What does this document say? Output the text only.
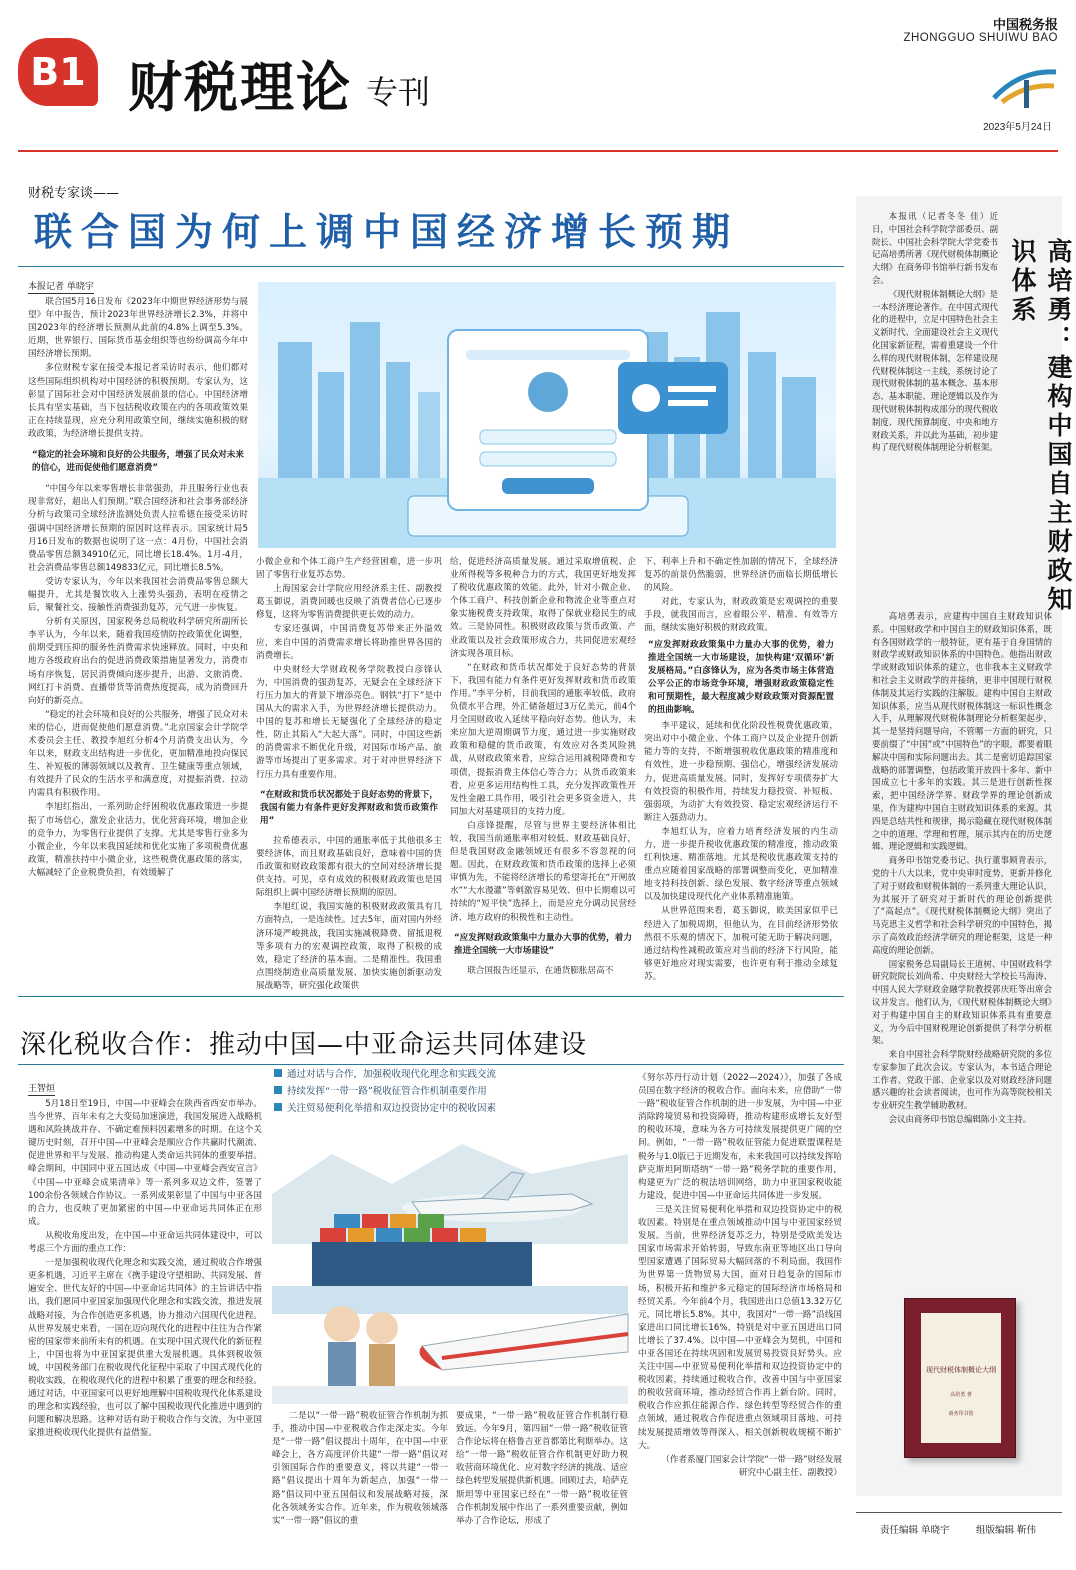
B1 财税理论 专刊
中国税务报
ZHONGGUO SHUIWU BAO
2023年5月24日
财税专家谈——
联合国为何上调中国经济增长预期
本报记者 单晓宇

联合国5月16日发布《2023年中期世界经济形势与展望》年中报告，预计2023年世界经济增长2.3%，并将中国2023年的经济增长预测从此前的4.8%上调至5.3%。近期，世界银行、国际货币基金组织等也纷纷调高今年中国经济增长预期。

多位财税专家在接受本报记者采访时表示，他们都对这些国际组织机构对中国经济的积极预期。专家认为，这彰显了国际社会对中国经济发展前景的信心。中国经济增长具有坚实基础，当下包括税收政策在内的各项政策效果正在持续显现，应充分利用政策空间，继续实施积极的财政政策，为经济增长提供支持。

“稳定的社会环境和良好的公共服务，增强了民众对未来的信心，进而促使他们愿意消费”

“中国今年以来零售增长非常强劲，并且服务行业也表现非常好，超出人们预期。”联合国经济和社会事务部经济分析与政策司全球经济监测处负责人拉希德在接受采访时强调中国经济增长预期的原因时这样表示。国家统计局5月16日发布的数据也说明了这一点：4月份，中国社会消费品零售总额34910亿元，同比增长18.4%。1月-4月，社会消费品零售总额149833亿元，同比增长8.5%。

受访专家认为，今年以来我国社会消费品零售总额大幅提升，尤其是餐饮收入上涨势头强劲，表明在疫情之后，聚餐社交、接触性消费强劲复苏，元气进一步恢复。

分析有关原因，国家税务总局税收科学研究所副所长李平认为，今年以来，随着我国疫情防控政策优化调整，前期受到压抑的服务性消费需求快速释放。同时，中央和地方各级政府出台的促进消费政策措施显著发力，消费市场有序恢复，居民消费倾向逐步提升，出游、文旅消费、网红打卡消费、直播带货等消费热度提高，成为消费回升向好的新亮点。

“稳定的社会环境和良好的公共服务，增强了民众对未来的信心，进而促使他们愿意消费。”北京国家会计学院学术委员会主任、教授李旭红分析4个月消费支出认为，今年以来，财政支出结构进一步优化，更加精准地投向保民生、补短板的薄弱领域以及教育、卫生健康等重点领域，有效提升了民众的生活水平和满意度，对提振消费、拉动内需具有积极作用。

李旭红指出，一系列助企纾困税收优惠政策进一步提振了市场信心，激发企业活力，优化营商环境，增加企业的竞争力，为零售行业提供了支撑。尤其是零售行业多为小微企业，今年以来我国延续和优化实施了多项税费优惠政策，精准扶持中小微企业，这些税费优惠政策的落实，大幅减轻了企业税费负担，有效缓解了

小微企业和个体工商户生产经营困难，进一步巩固了零售行业复苏态势。

上海国家会计学院应用经济系主任、副教授葛玉御说，消费回暖也反映了消费者信心已逐步修复，这将为零售消费提供更长效的动力。

专家还强调，中国消费复苏带来正外溢效应，来自中国的消费需求增长将助推世界各国的消费增长。

中央财经大学财政税务学院教授白彦锋认为，中国消费的强劲复苏，无疑会在全球经济下行压力加大的背景下增添亮色。钢铁“打下”是中国从大的需求入手，为世界经济增长提供动力。中国的复苏和增长无疑强化了全球经济的稳定性，防止其陷入“大起大落”。同时，中国这些新的消费需求不断优化升级，对国际市场产品、旅游等市场提出了更多需求。对于对冲世界经济下行压力具有重要作用。

“在财政和货币状况都处于良好态势的背景下，我国有能力有条件更好发挥财政和货币政策作用”

拉希德表示，中国的通胀率低于其他很多主要经济体，而且财政基础良好，意味着中国的货币政策和财政政策都有很大的空间对经济增长提供支持。可见，卓有成效的积极财政政策也是国际组织上调中国经济增长预期的原因。

李旭红说，我国实施的积极财政政策具有几方面特点，一是连续性。过去5年，面对国内外经济环境严峻挑战，我国实施减税降费、留抵退税等多项有力的宏观调控政策，取得了积极的成效，稳定了经济的基本面。二是精准性。我国重点围绕制造业高质量发展、加快实施创新驱动发展战略等，研究强化政策供

给，促进经济高质量发展。通过采取增值税、企业所得税等多税种合力的方式，我国更好地发挥了税收优惠政策的效能。此外，针对小微企业、个体工商户、科技创新企业和物流企业等重点对象实施税费支持政策，取得了保就业稳民生的成效。三是协同性。积极财政政策与货币政策、产业政策以及社会政策形成合力，共同促进宏观经济实现各项目标。

“在财政和货币状况都处于良好态势的背景下，我国有能力有条件更好发挥财政和货币政策作用。”李平分析，目前我国的通胀率较低，政府负债水平合理，外汇储备超过3万亿美元，前4个月全国财政收入延续平稳向好态势。他认为，未来应加大逆周期调节力度，通过进一步实施财政政策和稳健的货币政策，有效应对各类风险挑战，从财政政策来看，应综合运用减税降费和专项债，提振消费主体信心等合力；从货币政策来看，应更多运用结构性工具，充分发挥政策性开发性金融工具作用，吸引社会更多资金进入，共同加大对基建项目的支持力度。

白彦锋提醒，尽管与世界主要经济体相比较，我国当前通胀率相对较低、财政基础良好，但是我国财政金融领域还有很多不容忽视的问题。因此，在财政政策和货币政策的选择上必须审慎为先，不能将经济增长的希望寄托在“开闸放水”“大水漫灌”等刺激容易见效、但中长期难以可持续的“短平快”选择上，而是应充分调动民营经济、地方政府的积极性和主动性。

“应发挥财政政策集中力量办大事的优势，着力推进全国统一大市场建设”

联合国报告还显示，在通货膨胀居高不

下、利率上升和不确定性加剧的情况下，全球经济复苏的前景仍然脆弱，世界经济仍面临长期低增长的风险。

对此，专家认为，财政政策是宏观调控的重要手段，就我国而言，应着眼公平、精准、有效等方面，继续实施好积极的财政政策。

“应发挥财政政策集中力量办大事的优势，着力推进全国统一大市场建设，加快构建‘双循环’新发展格局。”白彦锋认为，应为各类市场主体营造公平公正的市场竞争环境，增强财政政策稳定性和可预期性，最大程度减少财政政策对资源配置的扭曲影响。

李平建议，延续和优化阶段性税费优惠政策，突出对中小微企业、个体工商户以及企业提升创新能力等的支持，不断增强税收优惠政策的精准度和有效性，进一步稳预期、强信心，增强经济发展动力，促进高质量发展。同时，发挥好专项债券扩大有效投资的积极作用，持续发力稳投资、补短板、强弱项，为动扩大有效投资、稳定宏观经济运行不断注入强劲动力。

李旭红认为，应着力培育经济发展的内生动力，进一步提升税收优惠政策的精准度，推动政策红利快速、精准落地。尤其是税收优惠政策支持的重点应随着国家战略的部署调整而变化，更加精准地支持科技创新、绿色发展、数字经济等重点领域以及加快建设现代化产业体系精准施策。

从世界范围来看，葛玉御说，欧美国家似乎已经进入了加税周期，但他认为，在目前经济形势依然很不乐观的情况下，加税可能无助于解决问题，通过结构性减税政策应对当前的经济下行风险，能够更好地应对现实需要，也许更有利于推动全球复苏。

本报讯（记者冬冬 佳）近日，中国社会科学院学部委员、副院长、中国社会科学院大学党委书记高培勇所著《现代财税体制概论大纲》在商务印书馆举行新书发布会。

《现代财税体制概论大纲》是一本经济理论著作。在中国式现代化的进程中，立足中国特色社会主义新时代、全面建设社会主义现代化国家新征程，需着重建设一个什么样的现代财税体制，怎样建设现代财税体制这一主线，系统讨论了现代财税体制的基本概念、基本形态、基本职能、理论逻辑以及作为现代财税体制构成部分的现代税收制度、现代预算制度、中央和地方财政关系，并以此为基础，初步建构了现代财税体制理论分析框架。	高培勇：建构中国自主财政知识体系

高培勇表示，应建构中国自主财政知识体系。中国财政学和中国自主的财政知识体系，既有各国财政学的一般特征，更有基于自身国情的财政学或财政知识体系的中国特色。他指出财政学或财政知识体系的建立，也非我本主义财政学和社会主义财政学的并接纳，更非中国现行财税体制及其运行实践的注解版。建构中国自主财政知识体系，应当从现代财税体制这一标识性概念入手，从理解现代财税体制理论分析框架起步，其一是坚持问题导向，不管哪一方面的研究，只要前缀了“中国”或“中国特色”的字眼，都要着眼解决中国和实际问题出去。其二是密切追踪国家战略的部署调整，包括政策开放四十多年、新中国成立七十多年的实践。其三是进行创新性探索，把中国经济学界、财政学界的理论创新成果，作为建构中国自主财政知识体系的来源。其四是总结共性和规律，揭示隐藏在现代财税体制之中的道理、学理和哲理，展示其内在的历史逻辑、理论逻辑和实践逻辑。

商务印书馆党委书记、执行董事顾青表示，党的十八大以来，党中央审时度势，更新并修化了对于财政和财税体制的一系列重大理论认识，为其展开了研究对于新时代的理论创新提供了“高起点”。《现代财税体制概论大纲》突出了马克思主义哲学和社会科学研究的中国特色，揭示了高效政治经济学研究的理论框架，这是一种高度的理论创新。

国家税务总局副局长王道树、中国财政科学研究院院长刘尚希、中央财经大学校长马海涛、中国人民大学财政金融学院教授郭庆旺等出席会议并发言。他们认为，《现代财税体制概论大纲》对于构建中国自主的财政知识体系具有重要意义，为今后中国财税理论创新提供了科学分析框架。

来自中国社会科学院财经战略研究院的多位专家参加了此次会议。专家认为，本书适合理论工作者、党政干部、企业家以及对财政经济问题感兴趣的社会读者阅读，也可作为高等院校相关专业研究生教学辅助教材。

会议由商务印书馆总编辑陈小文主持。

现代财税体制概论大纲
高培勇 著
商务印书馆
深化税收合作：推动中国—中亚命运共同体建设
王智烜
通过对话与合作，加强税收现代化理念和实践交流
持续发挥“一带一路”税收征管合作机制重要作用
关注贸易便利化举措和双边投资协定中的税收因素

5月18日至19日，中国—中亚峰会在陕西省西安市举办。当今世界，百年未有之大变局加速演进，我国发展进入战略机遇和风险挑战并存、不确定难预料因素增多的时期。在这个关键历史时刻，召开中国—中亚峰会是顺应合作共赢时代潮流、促进世界和平与发展、推动构建人类命运共同体的重要举措。峰会期间，中国同中亚五国达成《中国—中亚峰会西安宣言》《中国—中亚峰会成果清单》等一系列多双边文件，签署了100余份各领域合作协议。一系列成果彰显了中国与中亚各国的合力，也反映了更加紧密的中国—中亚命运共同体正在形成。

从税收角度出发，在中国—中亚命运共同体建设中，可以考虑三个方面的重点工作：

一是加强税收现代化理念和实践交流，通过税收合作增强更多机遇，习近平主席在《携手建设守望相助、共同发展、普遍安全、世代友好的中国—中亚命运共同体》的主旨讲话中指出，我们愿同中亚国家加强现代化理念和实践交流，推进发展战略对接，为合作创造更多机遇，协力推动六国现代化进程。从世界发展史来看，一国在迈向现代化的进程中往往为合作紧密的国家带来前所未有的机遇。在实现中国式现代化的新征程上，中国也将为中亚国家提供重大发展机遇。具体到税收领域，中国税务部门在税收现代化征程中采取了中国式现代化的税收实践，在税收现代化的进程中积累了重要的理念和经验。通过对话，中亚国家可以更好地理解中国税收现代化体系建设的理念和实践经验，也可以了解中国税收现代化推进中遇到的问题和解决思路。这种对话有助于税收合作与交流，为中亚国家推进税收现代化提供有益借鉴。

二是以“一带一路”税收征管合作机制为抓手，推动中国—中亚税收合作走深走实。今年是“一带一路”倡议提出十周年，在中国—中亚峰会上，各方高度评价共建“一带一路”倡议对引领国际合作的重要意义，将以共建“一带一路”倡议提出十周年为新起点，加强“一带一路”倡议同中亚五国倡议和发展战略对接，深化各领域务实合作。近年来，作为税收领域落实“一带一路”倡议的重

要成果，“一带一路”税收征管合作机制行稳致远。今年9月，第四届“一带一路”税收征管合作论坛将在格鲁吉亚首都第比利斯举办。这给“一带一路”税收征管合作机制更好助力税收营商环境优化、应对数字经济的挑战、适应绿色转型发展提供新机遇。回顾过去，哈萨克斯坦等中亚国家已经在“一带一路”税收征管合作机制发展中作出了一系列重要贡献，例如举办了合作论坛，形成了

《努尔苏丹行动计划（2022—2024）》，加强了各成员国在数字经济的税收合作。面向未来，应借助“一带一路”税收征管合作机制的进一步发展，为中国—中亚消除跨境贸易和投资障碍，推动构建形成增长友好型的税收环境，意味为各方可持续发展提供更广阔的空间。例如，“一带一路”税收征管能力促进联盟课程是税务与1.0版已于近期发布，未来我国可以持续发挥哈萨克斯坦阿斯塔纳“一带一路”税务学院的重要作用，构建更为广泛的税法培训网络，助力中亚国家税收能力建设，促进中国—中亚命运共同体进一步发展。

三是关注贸易便利化举措和双边投资协定中的税收因素。特别是在重点领域推动中国与中亚国家经贸发展。当前，世界经济复苏乏力，特别是受欧美发达国家市场需求开始转弱，导致东南亚等地区出口导向型国家遭遇了国际贸易大幅回落的不利局面，我国作为世界第一货物贸易大国，面对日趋复杂的国际市场，积极开拓和维护多元稳定的国际经济市场格局和经贸关系。今年前4个月，我国进出口总值13.32万亿元，同比增长5.8%。其中，我国对“一带一路”沿线国家进出口同比增长16%，特别是对中亚五国进出口同比增长了37.4%。以中国—中亚峰会为契机，中国和中亚各国还在持续巩固和发展贸易投资良好势头。应关注中国—中亚贸易便利化举措和双边投资协定中的税收因素，持续通过税收合作，改善中国与中亚国家的税收营商环境，推动经贸合作再上新台阶。同时，税收合作应抓住能源合作、绿色转型等经贸合作的重点领域，通过税收合作促进重点领域项目落地、可持续发展提质增效等得深入、相关创新税收规模不断扩大。

（作者系厦门国家会计学院“一带一路”财经发展研究中心副主任、副教授）

责任编辑 单晓宇	组版编辑 靳伟
